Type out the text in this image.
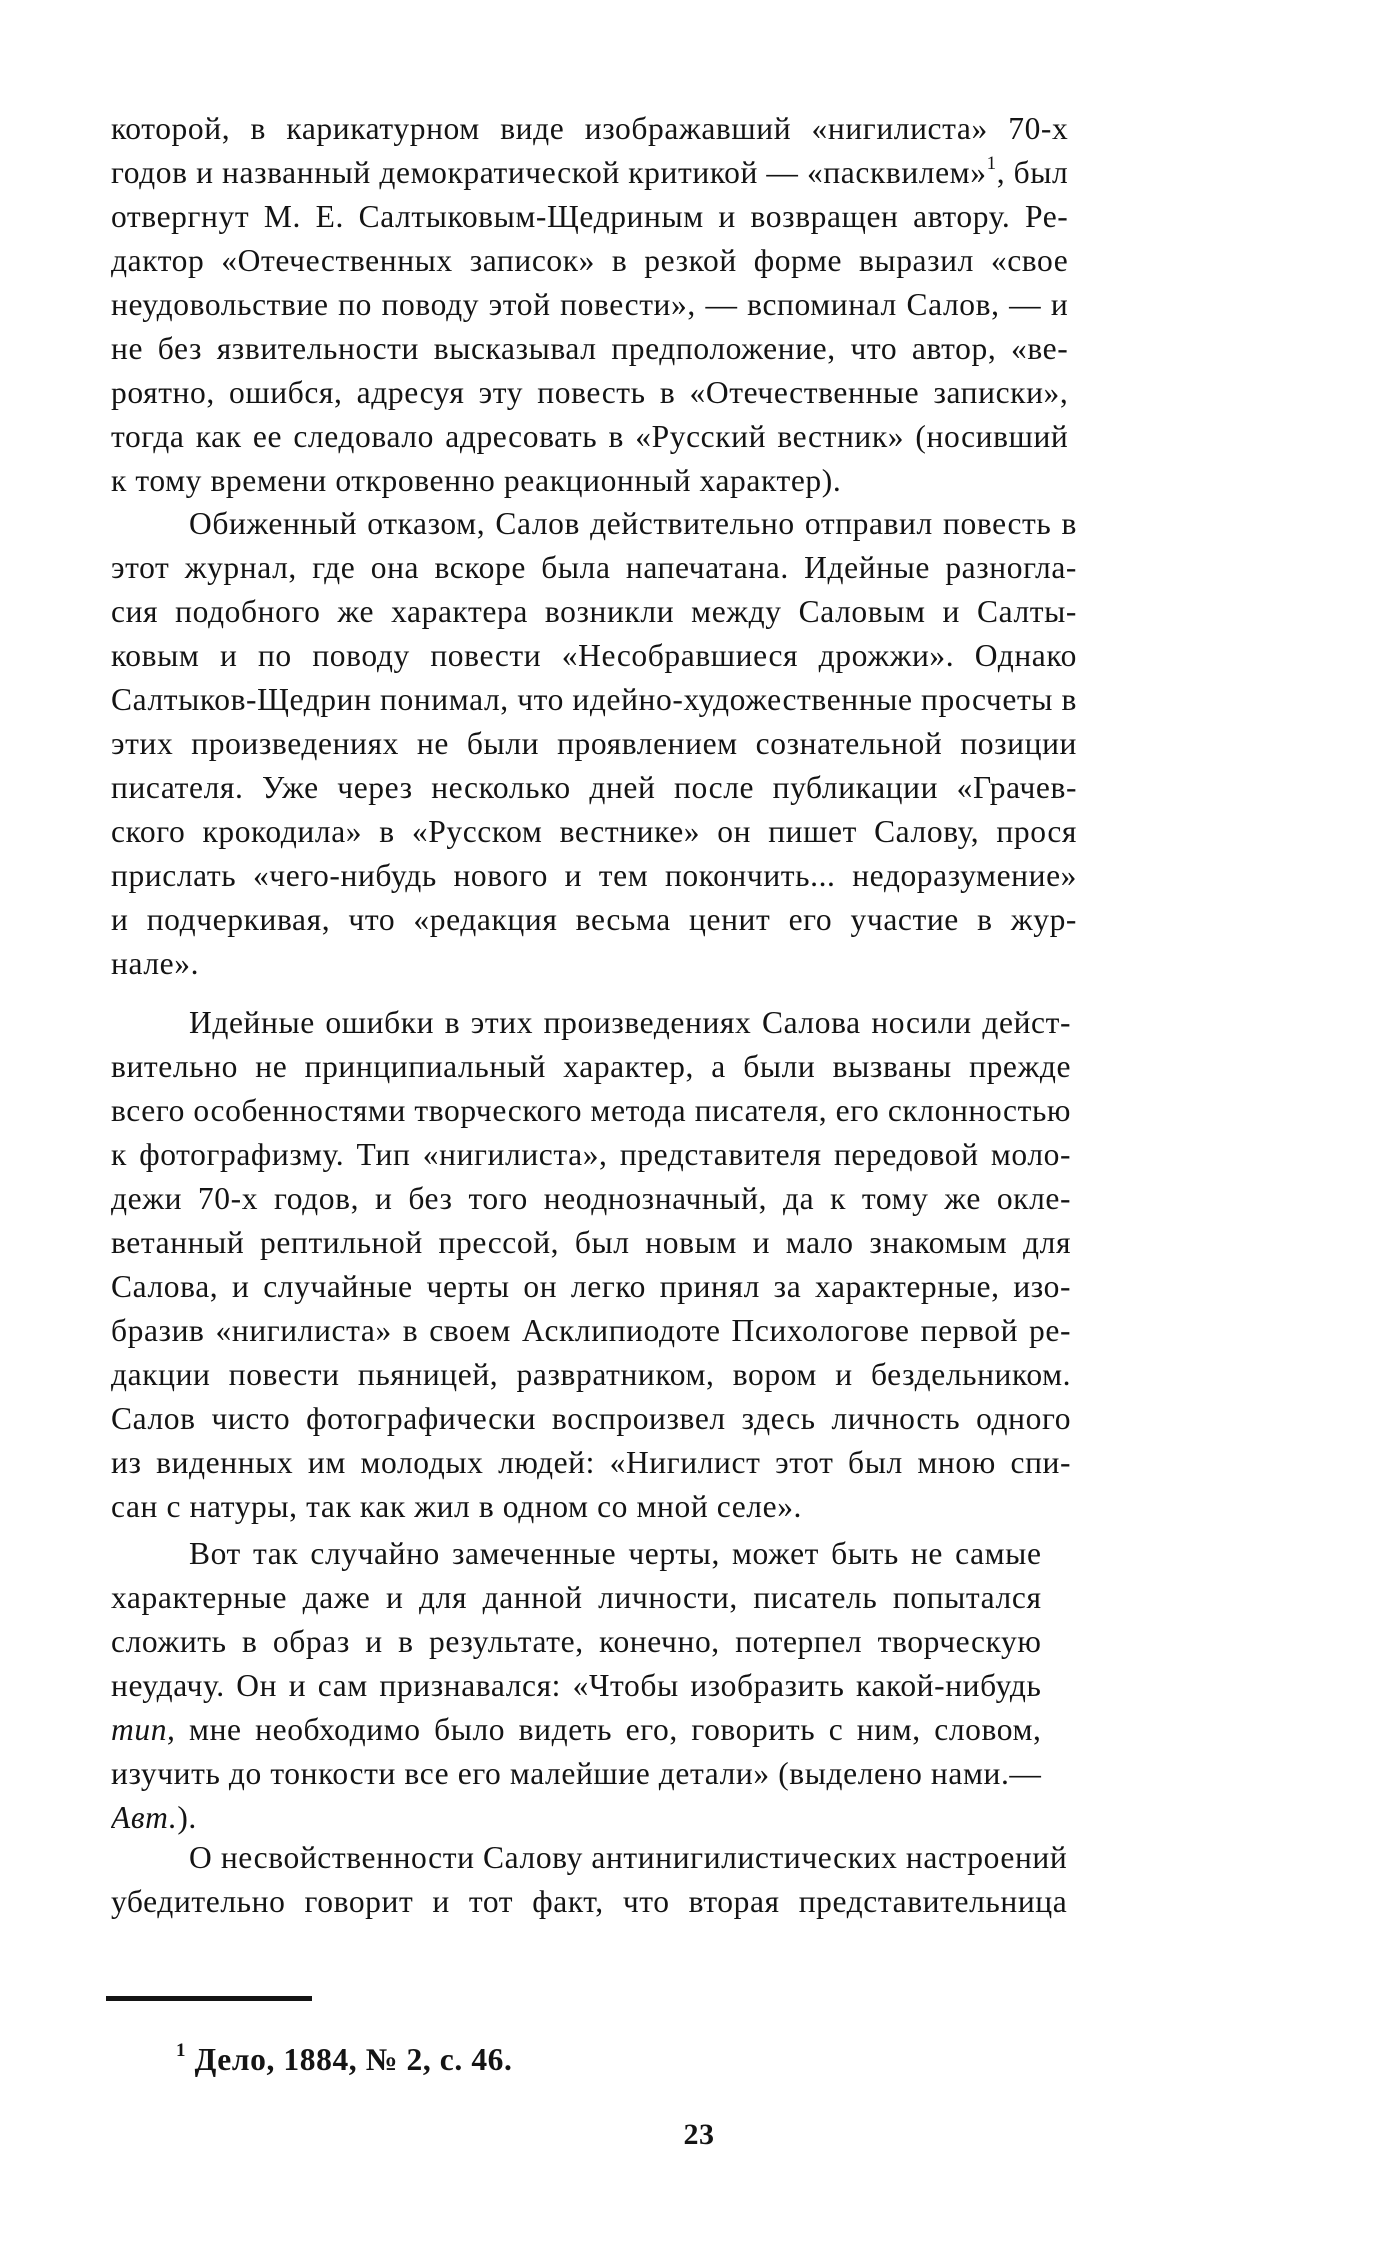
которой, в карикатурном виде изображавший «нигилиста» 70-х
годов и названный демократической критикой — «пасквилем»$^1$, был
отвергнут М. Е. Салтыковым-Щедриным и возвращен автору. Ре-
дактор «Отечественных записок» в резкой форме выразил «свое
неудовольствие по поводу этой повести», — вспоминал Салов, — и
не без язвительности высказывал предположение, что автор, «ве-
роятно, ошибся, адресуя эту повесть в «Отечественные записки»,
тогда как ее следовало адресовать в «Русский вестник» (носивший
к тому времени откровенно реакционный характер).

Обиженный отказом, Салов действительно отправил повесть в
этот журнал, где она вскоре была напечатана. Идейные разногла-
сия подобного же характера возникли между Саловым и Салты-
ковым и по поводу повести «Несобравшиеся дрожжи». Однако
Салтыков-Щедрин понимал, что идейно-художественные просчеты в
этих произведениях не были проявлением сознательной позиции
писателя. Уже через несколько дней после публикации «Грачев-
ского крокодила» в «Русском вестнике» он пишет Салову, прося
прислать «чего-нибудь нового и тем покончить... недоразумение»
и подчеркивая, что «редакция весьма ценит его участие в жур-
нале».

Идейные ошибки в этих произведениях Салова носили дейст-
вительно не принципиальный характер, а были вызваны прежде
всего особенностями творческого метода писателя, его склонностью
к фотографизму. Тип «нигилиста», представителя передовой моло-
дежи 70-х годов, и без того неоднозначный, да к тому же окле-
ветанный рептильной прессой, был новым и мало знакомым для
Салова, и случайные черты он легко принял за характерные, изо-
бразив «нигилиста» в своем Асклипиодоте Психологове первой ре-
дакции повести пьяницей, развратником, вором и бездельником.
Салов чисто фотографически воспроизвел здесь личность одного
из виденных им молодых людей: «Нигилист этот был мною спи-
сан с натуры, так как жил в одном со мной селе».

Вот так случайно замеченные черты, может быть не самые
характерные даже и для данной личности, писатель попытался
сложить в образ и в результате, конечно, потерпел творческую
неудачу. Он и сам признавался: «Чтобы изобразить какой-нибудь
тип, мне необходимо было видеть его, говорить с ним, словом,
изучить до тонкости все его малейшие детали» (выделено нами.—
Авт.).

О несвойственности Салову антинигилистических настроений
убедительно говорит и тот факт, что вторая представительница

$^1$ Дело, 1884, № 2, с. 46.
23
